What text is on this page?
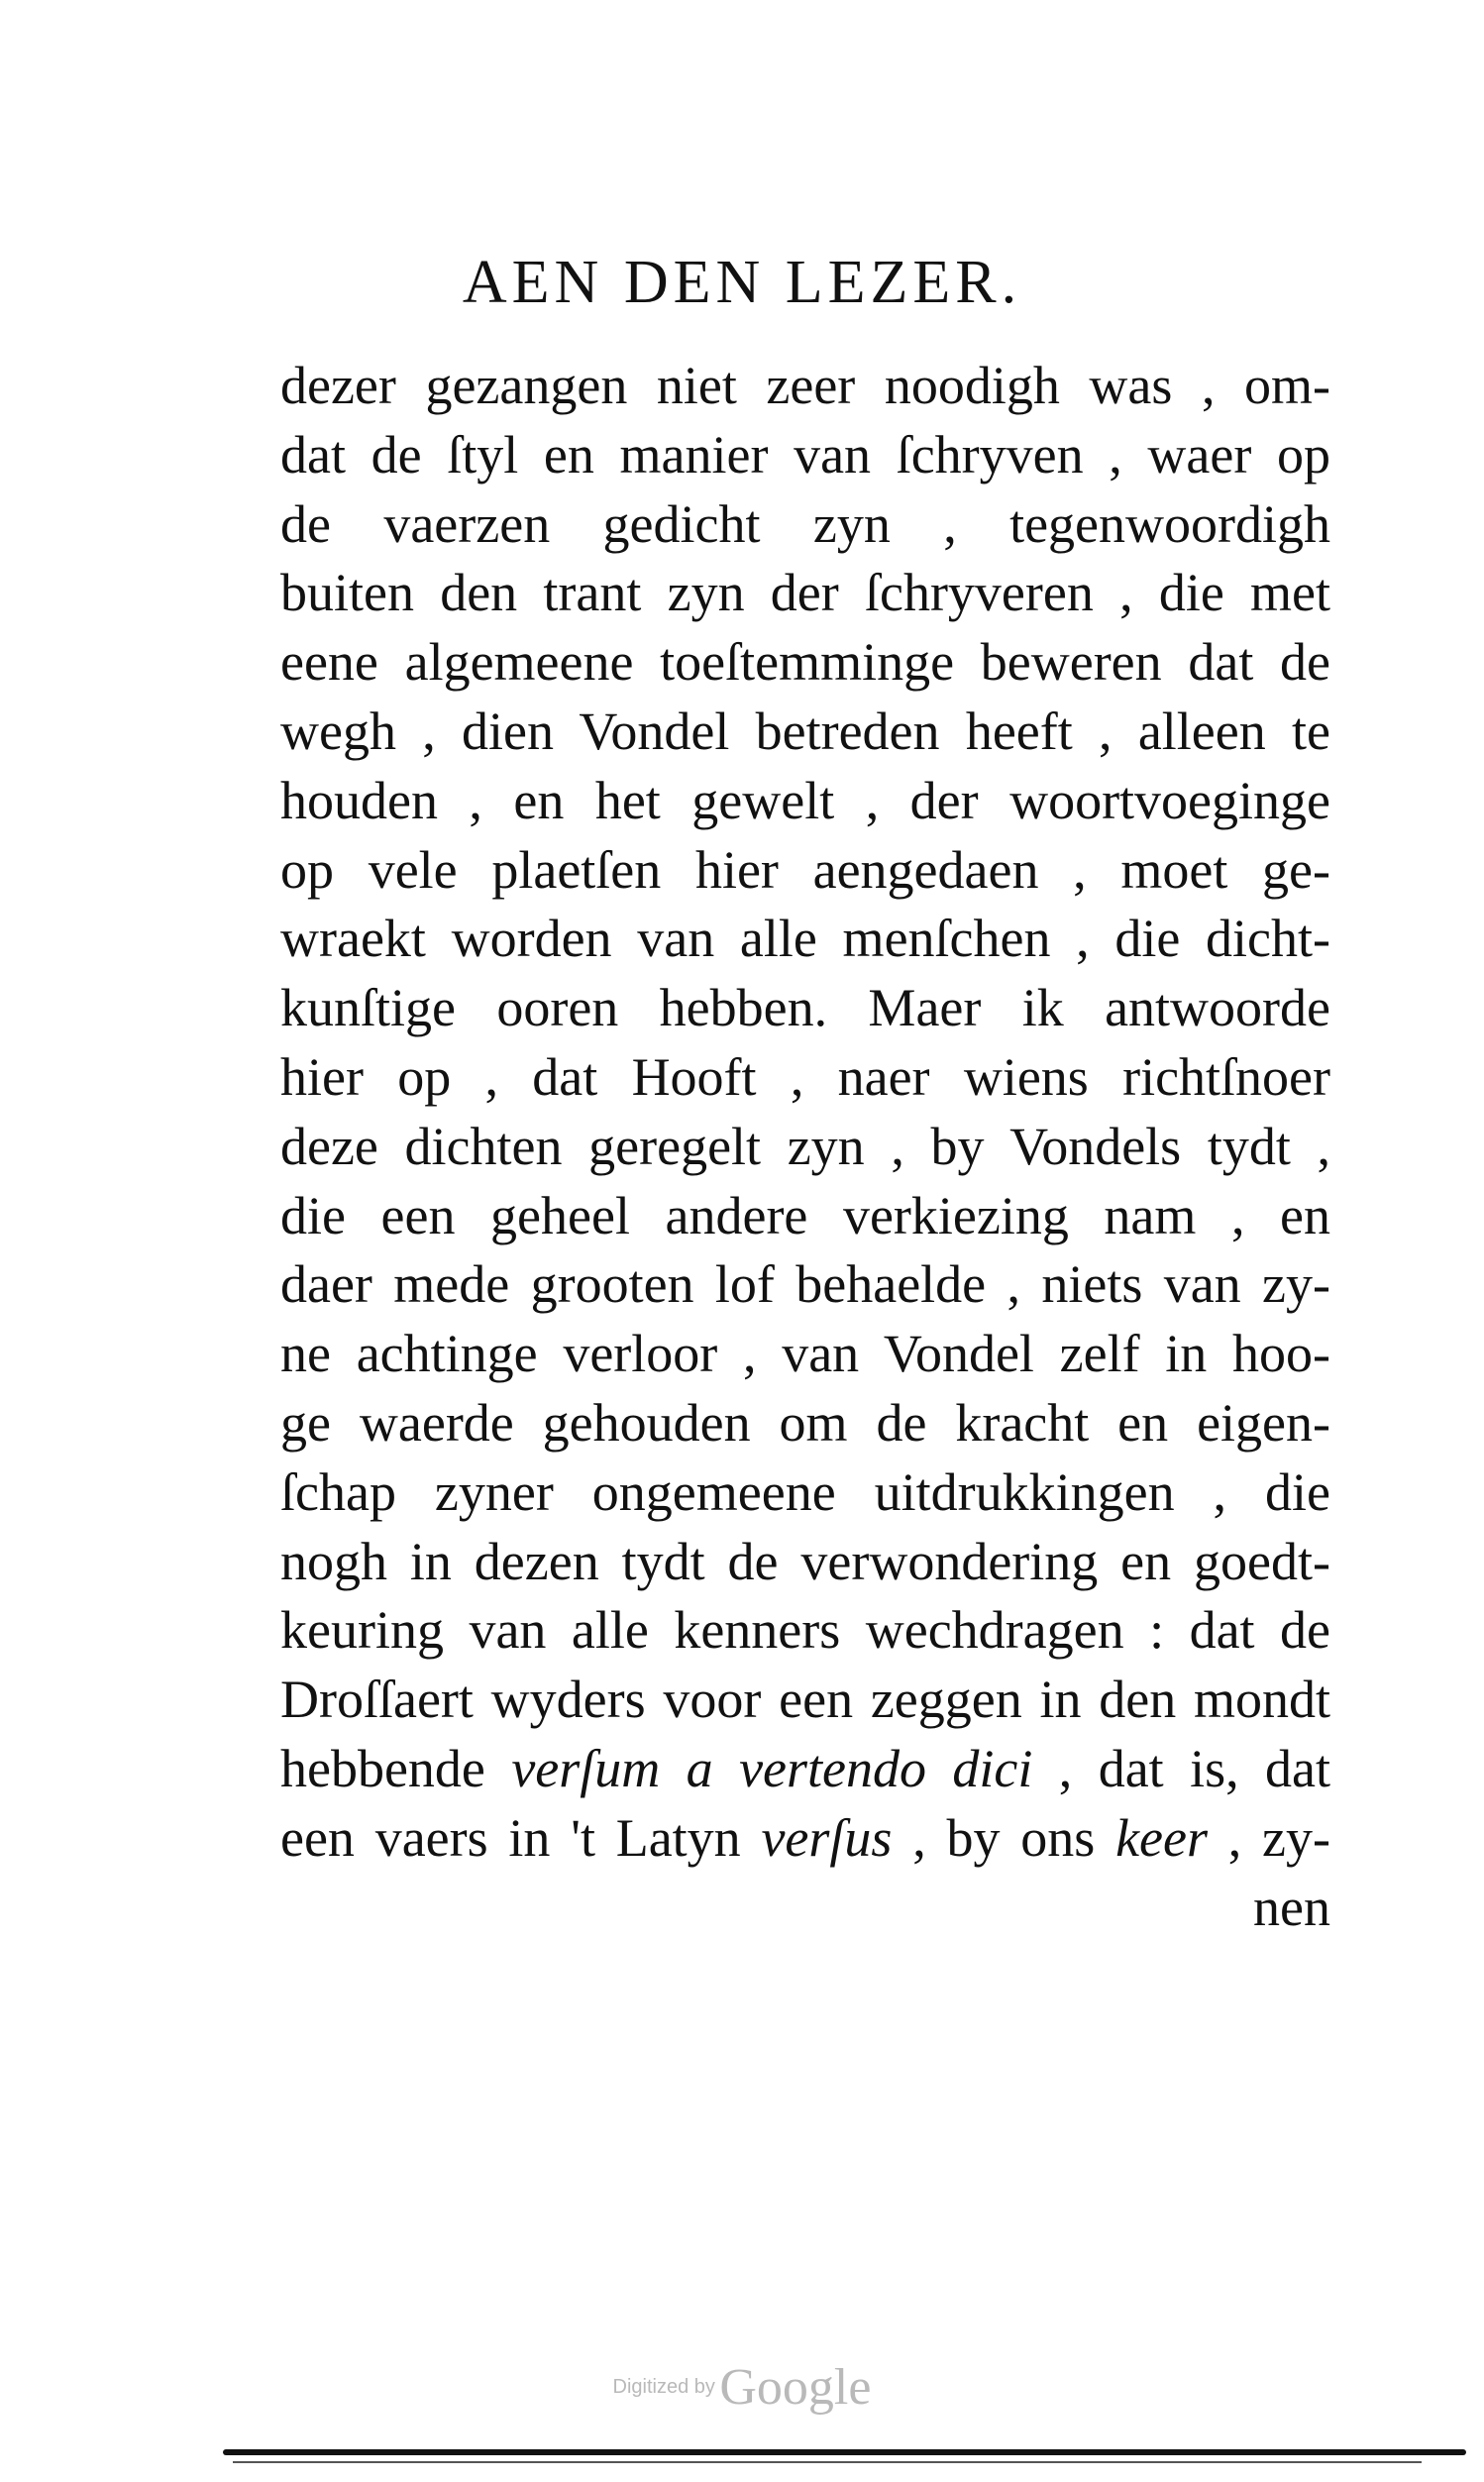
AEN DEN LEZER.
dezer gezangen niet zeer noodigh was , om-
dat de ſtyl en manier van ſchryven , waer op
de vaerzen gedicht zyn , tegenwoordigh
buiten den trant zyn der ſchryveren , die met
eene algemeene toeſtemminge beweren dat de
wegh , dien Vondel betreden heeft , alleen te
houden , en het gewelt , der woortvoeginge
op vele plaetſen hier aengedaen , moet ge-
wraekt worden van alle menſchen , die dicht-
kunſtige ooren hebben. Maer ik antwoorde
hier op , dat Hooft , naer wiens richtſnoer
deze dichten geregelt zyn , by Vondels tydt ,
die een geheel andere verkiezing nam , en
daer mede grooten lof behaelde , niets van zy-
ne achtinge verloor , van Vondel zelf in hoo-
ge waerde gehouden om de kracht en eigen-
ſchap zyner ongemeene uitdrukkingen , die
nogh in dezen tydt de verwondering en goedt-
keuring van alle kenners wechdragen : dat de
Droſſaert wyders voor een zeggen in den mondt
hebbende verſum a vertendo dici , dat is, dat
een vaers in 't Latyn verſus , by ons keer , zy-
nen
Digitized by Google
